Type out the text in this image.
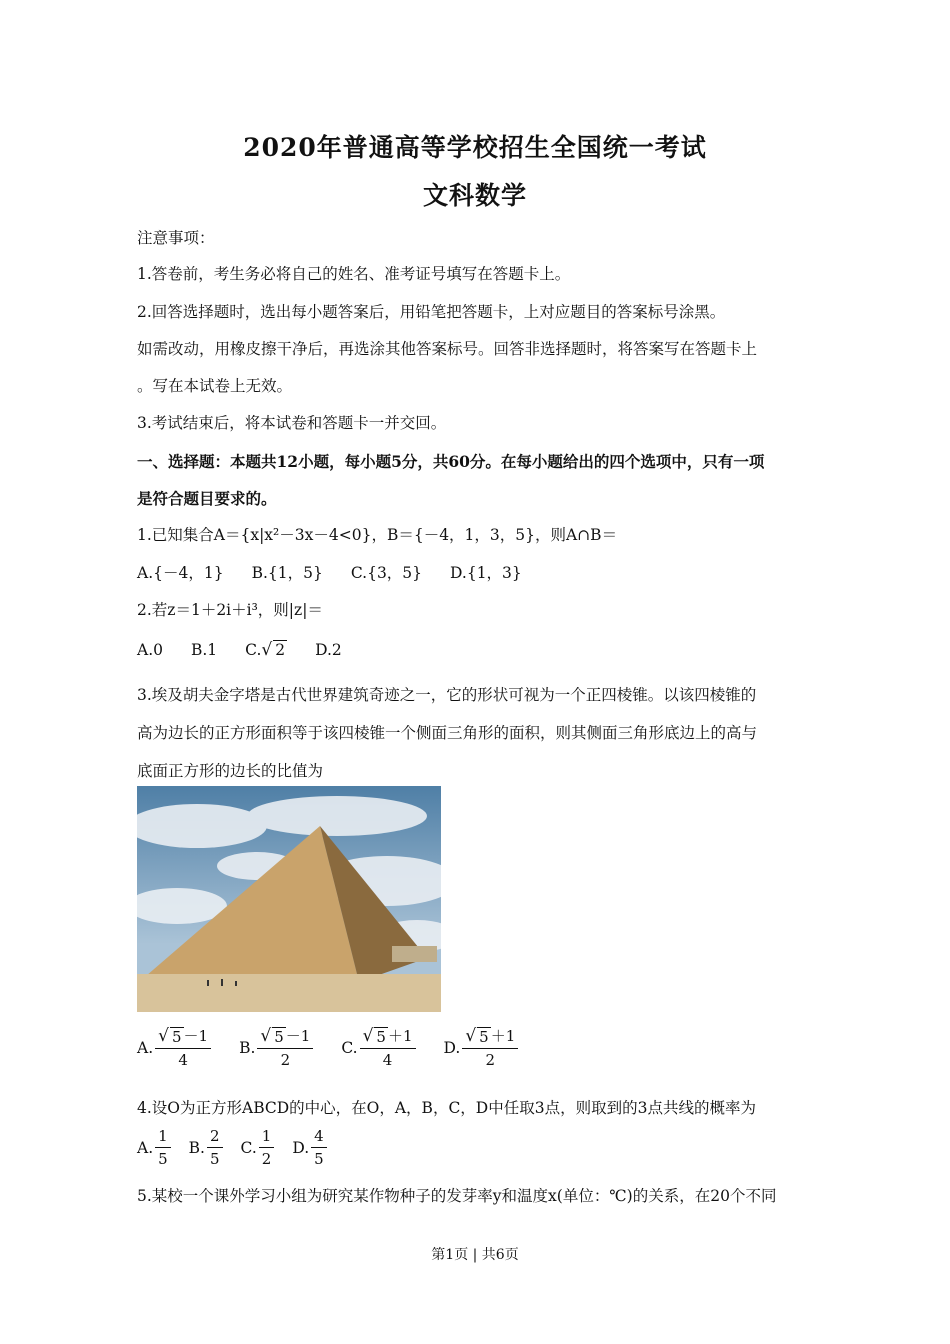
2020年普通高等学校招生全国统一考试
文科数学
注意事项：
1.答卷前，考生务必将自己的姓名、准考证号填写在答题卡上。
2.回答选择题时，选出每小题答案后，用铅笔把答题卡，上对应题目的答案标号涂黑。
如需改动，用橡皮擦干净后，再选涂其他答案标号。回答非选择题时，将答案写在答题卡上
。写在本试卷上无效。
3.考试结束后，将本试卷和答题卡一并交回。
一、选择题：本题共12小题，每小题5分，共60分。在每小题给出的四个选项中，只有一项
是符合题目要求的。
1.已知集合A＝{x|x²－3x－4<0}，B＝{－4，1，3，5}，则A∩B＝
A.{－4，1} B.{1，5} C.{3，5} D.{1，3}
2.若z＝1＋2i＋i³，则|z|＝
A.0 B.1 C. √ 2 D.2
3.埃及胡夫金字塔是古代世界建筑奇迹之一，它的形状可视为一个正四棱锥。以该四棱锥的
高为边长的正方形面积等于该四棱锥一个侧面三角形的面积，则其侧面三角形底边上的高与
底面正方形的边长的比值为
A. $\frac{√ 5 -1}{4} B$. $\frac{√ 5 -1}{2} C$. $\frac{√ 5 +1}{4} D$. $\frac{√ 5 +1}{2}$
4.设O为正方形ABCD的中心，在O，A，B，C，D中任取3点，则取到的3点共线的概率为
A. $\frac{1}{5} B$. $\frac{2}{5} C$. $\frac{1}{2} D$. $\frac{4}{5}$
5.某校一个课外学习小组为研究某作物种子的发芽率y和温度x(单位：℃)的关系，在20个不同
第1页 | 共6页
